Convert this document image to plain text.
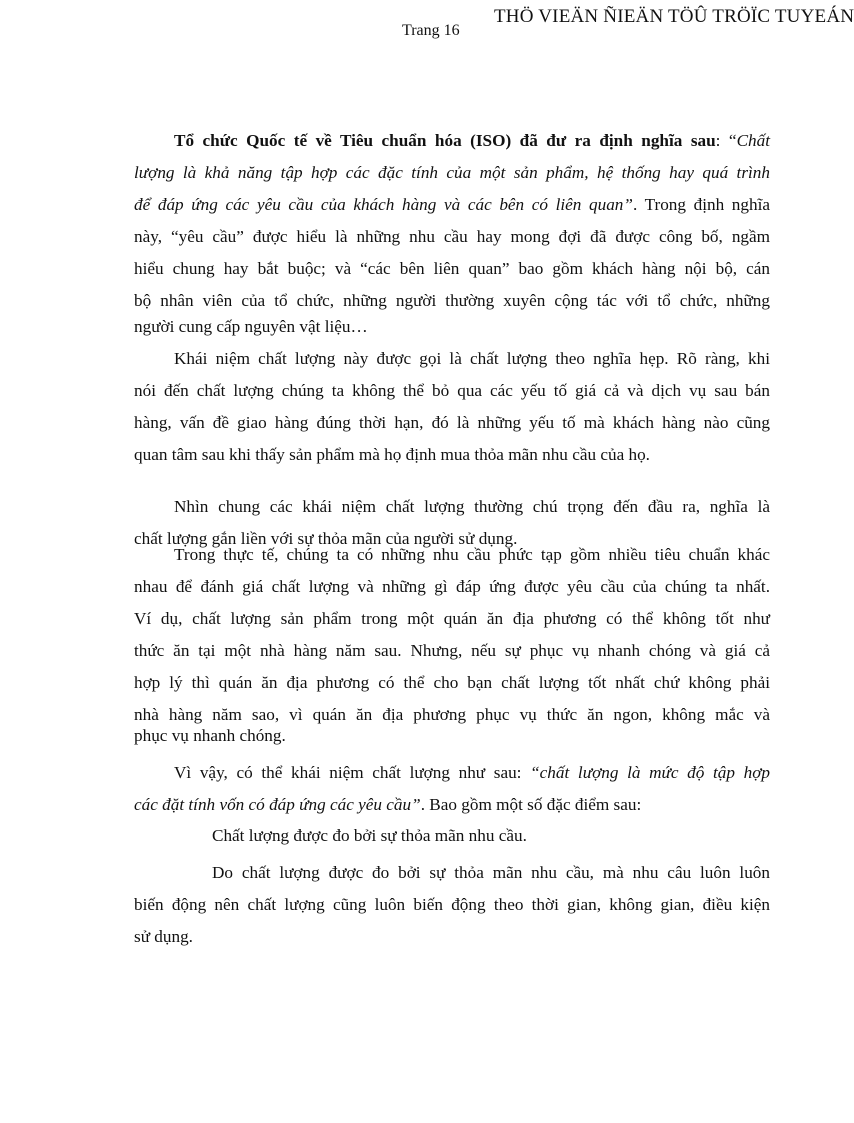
THÖ VIEÄN ÑIEÄN TÖÛ TRÖÏC TUYEÁN
Trang 16
Tổ chức Quốc tế về Tiêu chuẩn hóa (ISO) đã đư ra định nghĩa sau: “Chất
lượng là khả năng tập hợp các đặc tính của một sản phẩm, hệ thống hay quá trình
để đáp ứng các yêu cầu của khách hàng và các bên có liên quan”. Trong định nghĩa
này, “yêu cầu” được hiểu là những nhu cầu hay mong đợi đã được công bố, ngầm
hiểu chung hay bắt buộc; và “các bên liên quan” bao gồm khách hàng nội bộ, cán
bộ nhân viên của tổ chức, những người thường xuyên cộng tác với tổ chức, những
người cung cấp nguyên vật liệu…
Khái niệm chất lượng này được gọi là chất lượng theo nghĩa hẹp. Rõ ràng, khi
nói đến chất lượng chúng ta không thể bỏ qua các yếu tố giá cả và dịch vụ sau bán
hàng, vấn đề giao hàng đúng thời hạn, đó là những yếu tố mà khách hàng nào cũng
quan tâm sau khi thấy sản phẩm mà họ định mua thỏa mãn nhu cầu của họ.
Nhìn chung các khái niệm chất lượng thường chú trọng đến đầu ra, nghĩa là
chất lượng gắn liền với sự thỏa mãn của người sử dụng.
Trong thực tế, chúng ta có những nhu cầu phức tạp gồm nhiều tiêu chuẩn khác
nhau để đánh giá chất lượng và những gì đáp ứng được yêu cầu của chúng ta nhất.
Ví dụ, chất lượng sản phẩm trong một quán ăn địa phương có thể không tốt như
thức ăn tại một nhà hàng năm sau. Nhưng, nếu sự phục vụ nhanh chóng và giá cả
hợp lý thì quán ăn địa phương có thể cho bạn chất lượng tốt nhất chứ không phải
nhà hàng năm sao, vì quán ăn địa phương phục vụ thức ăn ngon, không mắc và
phục vụ nhanh chóng.
Vì vậy, có thể khái niệm chất lượng như sau: “chất lượng là mức độ tập hợp
các đặt tính vốn có đáp ứng các yêu cầu”. Bao gồm một số đặc điểm sau:
Chất lượng được đo bởi sự thỏa mãn nhu cầu.
Do chất lượng được đo bởi sự thỏa mãn nhu cầu, mà nhu câu luôn luôn
biến động nên chất lượng cũng luôn biến động theo thời gian, không gian, điều kiện
sử dụng.
